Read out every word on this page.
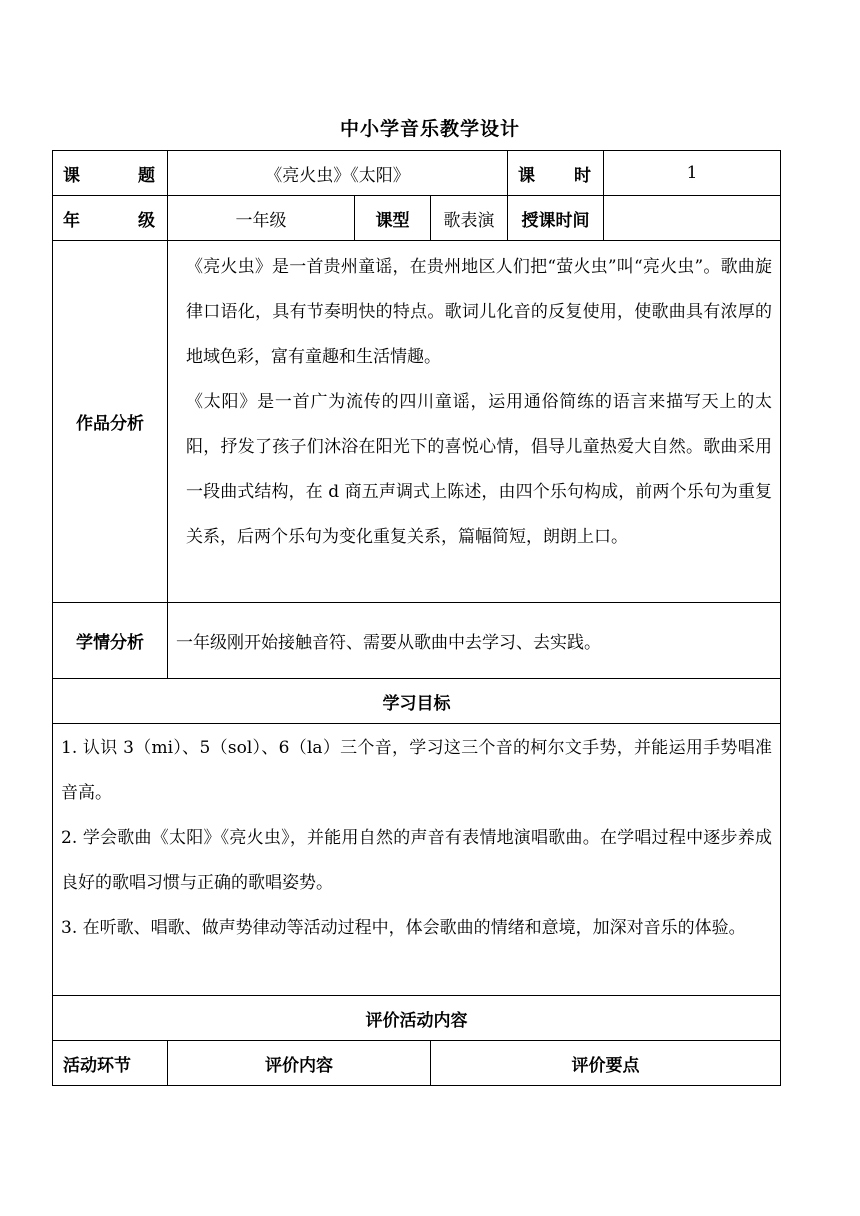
中小学音乐教学设计
课 题	《亮火虫》《太阳》			课 时	1

年 级	一年级	课型	歌表演	授课时间	
作品分析	《亮火虫》是一首贵州童谣，在贵州地区人们把“萤火虫”叫“亮火虫”。歌曲旋律口语化，具有节奏明快的特点。歌词儿化音的反复使用，使歌曲具有浓厚的地域色彩，富有童趣和生活情趣。

《太阳》是一首广为流传的四川童谣，运用通俗简练的语言来描写天上的太阳，抒发了孩子们沐浴在阳光下的喜悦心情，倡导儿童热爱大自然。歌曲采用一段曲式结构，在 d 商五声调式上陈述，由四个乐句构成，前两个乐句为重复关系，后两个乐句为变化重复关系，篇幅简短，朗朗上口。				

学情分析	一年级刚开始接触音符、需要从歌曲中去学习、去实践。				
学习目标					

1. 认识 3（mi）、5（sol）、6（la）三个音，学习这三个音的柯尔文手势，并能运用手势唱准音高。

2. 学会歌曲《太阳》《亮火虫》，并能用自然的声音有表情地演唱歌曲。在学唱过程中逐步养成良好的歌唱习惯与正确的歌唱姿势。

3. 在听歌、唱歌、做声势律动等活动过程中，体会歌曲的情绪和意境，加深对音乐的体验。					

评价活动内容					
活动环节	评价内容		评价要点		
